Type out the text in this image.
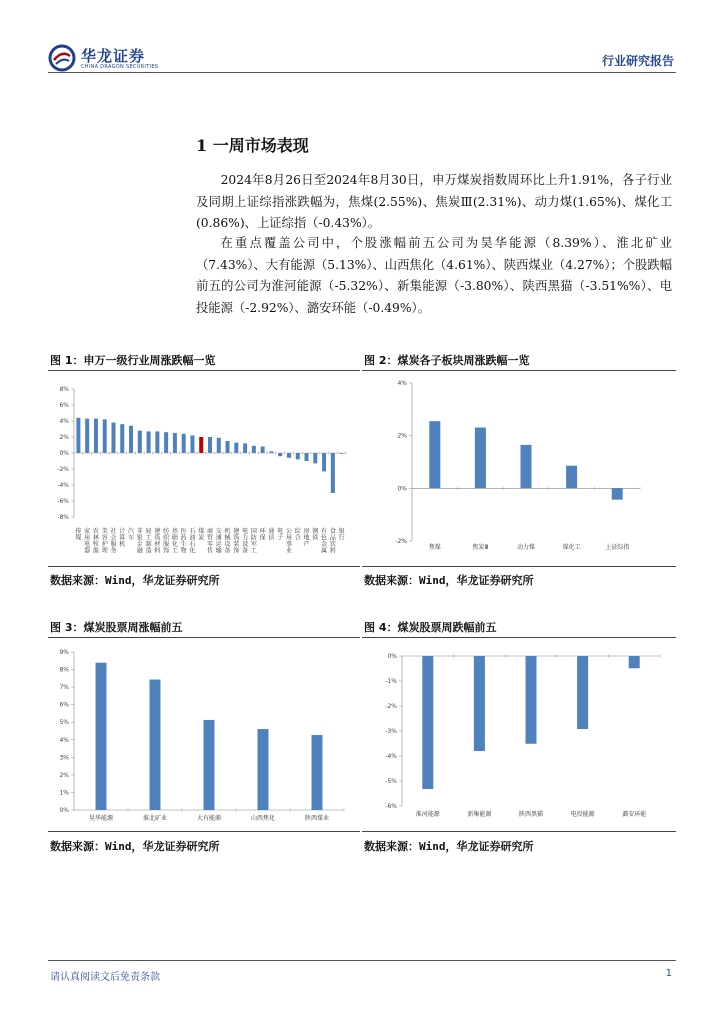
华龙证券
CHINA DRAGON SECURITIES	行业研究报告
1 一周市场表现

2024年8月26日至2024年8月30日，申万煤炭指数周环比上升1.91%，各子行业及同期上证综指涨跌幅为，焦煤(2.55%)、焦炭Ⅲ(2.31%)、动力煤(1.65%)、煤化工(0.86%)、上证综指（-0.43%）。

在重点覆盖公司中，个股涨幅前五公司为昊华能源（8.39%）、淮北矿业（7.43%）、大有能源（5.13%）、山西焦化（4.61%）、陕西煤业（4.27%）；个股跌幅前五的公司为淮河能源（-5.32%）、新集能源（-3.80%）、陕西黑猫（-3.51%%）、电投能源（-2.92%）、潞安环能（-0.49%）。

图 1：申万一级行业周涨跌幅一览	图 2：煤炭各子板块周涨跌幅一览
8%
6%
4%
2%
0%
-2%
-4%
-6%
-8%
传
媒
家
用
电
器
农
林
牧
渔
美
容
护
理
社
会
服
务
计
算
机
汽
车
非
银
金
融
轻
工
制
造
建
筑
材
料
纺
织
服
饰
基
础
化
工
医
药
生
物
石
油
石
化
煤
炭
商
贸
零
售
交
通
运
输
机
械
设
备
建
筑
装
饰
电
力
设
备
国
防
军
工
环
保
通
信
电
子
公
用
事
业
综
合
房
地
产
钢
铁
有
色
金
属
食
品
饮
料
银
行
4%
2%
0%
-2%
焦煤	焦炭Ⅲ	动力煤	煤化工	上证综指
数据来源：Wind，华龙证券研究所	数据来源：Wind，华龙证券研究所
图 3：煤炭股票周涨幅前五	图 4：煤炭股票周跌幅前五
9%
8%
7%
6%
5%
4%
3%
2%
1%
0%
昊华能源	淮北矿业	大有能源	山西焦化	陕西煤业
0%
-1%
-2%
-3%
-4%
-5%
-6%
淮河能源	新集能源	陕西黑猫	电投能源	潞安环能
数据来源：Wind，华龙证券研究所	数据来源：Wind，华龙证券研究所
请认真阅读文后免责条款	1
